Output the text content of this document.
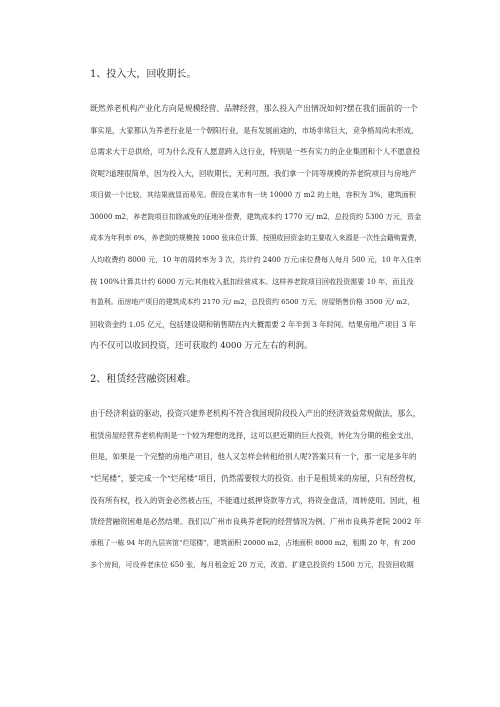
1、投入大，回收期长。
既然养老机构产业化方向是规模经营、品牌经营，那么投入产出情况如何?摆在我们面前的一个
事实是，大家都认为养老行业是一个朝阳行业，是有发展前途的，市场非常巨大，竞争格局尚未形成，
总需求大于总供给，可为什么没有人愿意跨入这行业，特别是一些有实力的企业集团和个人不愿意投
资呢?道理很简单，因为投入大，回收期长，无利可图。我们拿一个同等规模的养老院项目与房地产
项目做一个比较，其结果就显而易见。假设在某市有一块 10000 万 m2 的土地，容积为 3%，建筑面积
30000 m2，养老院项目扣除减免的征地补偿费，建筑成本约 1770 元/ m2，总投资约 5300 万元，资金
成本为年利率 6%，养老院的规模按 1000 张床位计算，按照收回资金的主要收入来源是一次性会籍购置费，
人均收费约 8000 元，10 年的周转率为 3 次，共计约 2400 万元;床位费每人每月 500 元，10 年入住率
按 100%计算共计约 6000 万元;其他收入抵扣经营成本。这样养老院项目回收投资需要 10 年，而且没
有盈利。而房地产项目的建筑成本约 2170 元/ m2，总投资约 6500 万元，房屋销售价格 3500 元/ m2，
回收资金约 1.05 亿元，包括建设期和销售期在内大概需要 2 年半到 3 年时间。结果房地产项目 3 年
内不仅可以收回投资，还可获取约 4000 万元左右的利润。
2、租赁经营融资困难。
由于经济利益的驱动，投资兴建养老机构不符合我国现阶段投入产出的经济效益常规做法，那么，
租赁房屋经营养老机构则是一个较为理想的选择，这可以把近期的巨大投资，转化为分期的租金支出，
但是，如果是一个完整的房地产项目，他人又怎样会转租给别人呢?答案只有一个，那一定是多年的
“烂尾楼”，要完成一个“烂尾楼”项目，仍然需要较大的投资。由于是租赁来的房屋，只有经营权，
没有所有权，投入的资金必然被占压，不能通过抵押贷款等方式，将资金盘活，周转使用。因此，租
赁经营融资困难是必然结果。我们以广州市良典养老院的经营情况为例。广州市良典养老院 2002 年
承租了一栋 94 年的九层宾馆“烂尾楼”，建筑面积 20000 m2，占地面积 8000 m2，租期 20 年，有 200
多个房间，可设养老床位 650 张，每月租金近 20 万元，改造、扩建总投资约 1500 万元，投资回收期
